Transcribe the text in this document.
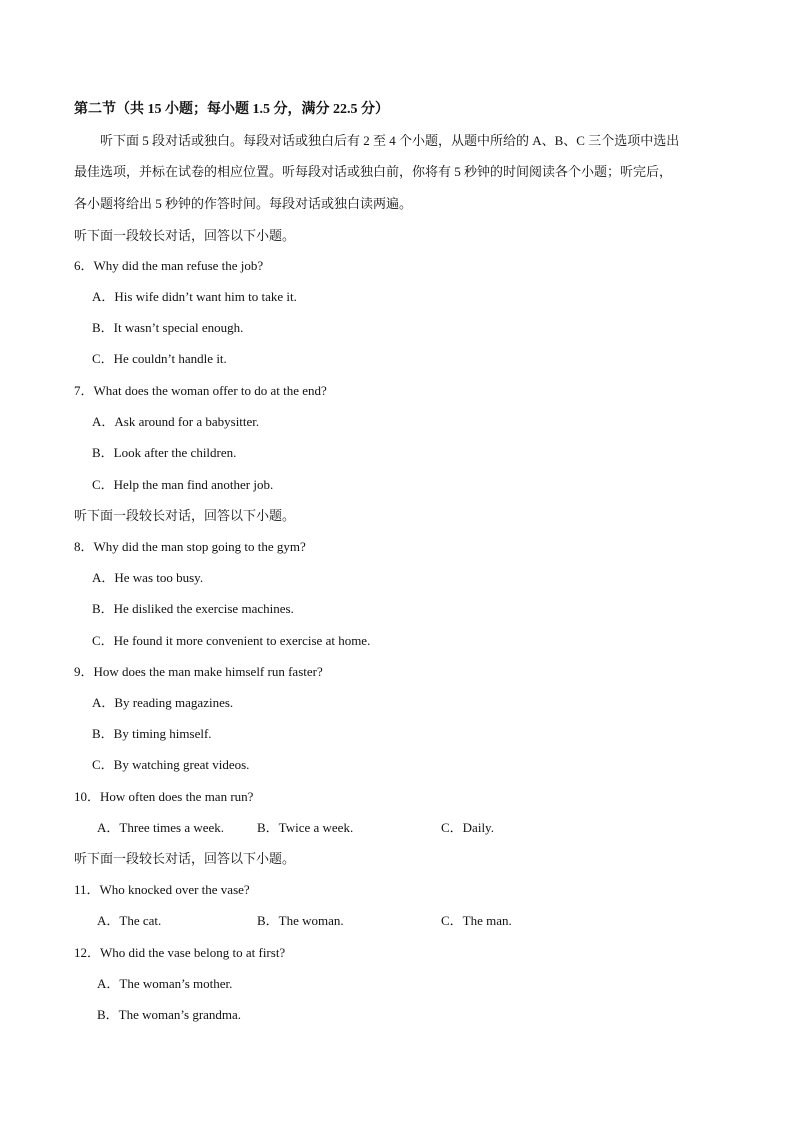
第二节（共 15 小题；每小题 1.5 分，满分 22.5 分）
听下面 5 段对话或独白。每段对话或独白后有 2 至 4 个小题，从题中所给的 A、B、C 三个选项中选出
最佳选项，并标在试卷的相应位置。听每段对话或独白前，你将有 5 秒钟的时间阅读各个小题；听完后，
各小题将给出 5 秒钟的作答时间。每段对话或独白读两遍。
听下面一段较长对话，回答以下小题。
6．Why did the man refuse the job?
A．His wife didn’t want him to take it.
B．It wasn’t special enough.
C．He couldn’t handle it.
7．What does the woman offer to do at the end?
A．Ask around for a babysitter.
B．Look after the children.
C．Help the man find another job.
听下面一段较长对话，回答以下小题。
8．Why did the man stop going to the gym?
A．He was too busy.
B．He disliked the exercise machines.
C．He found it more convenient to exercise at home.
9．How does the man make himself run faster?
A．By reading magazines.
B．By timing himself.
C．By watching great videos.
10．How often does the man run?
A．Three times a week.	B．Twice a week.	C．Daily.
听下面一段较长对话，回答以下小题。
11．Who knocked over the vase?
A．The cat.	B．The woman.	C．The man.
12．Who did the vase belong to at first?
A．The woman’s mother.
B．The woman’s grandma.
